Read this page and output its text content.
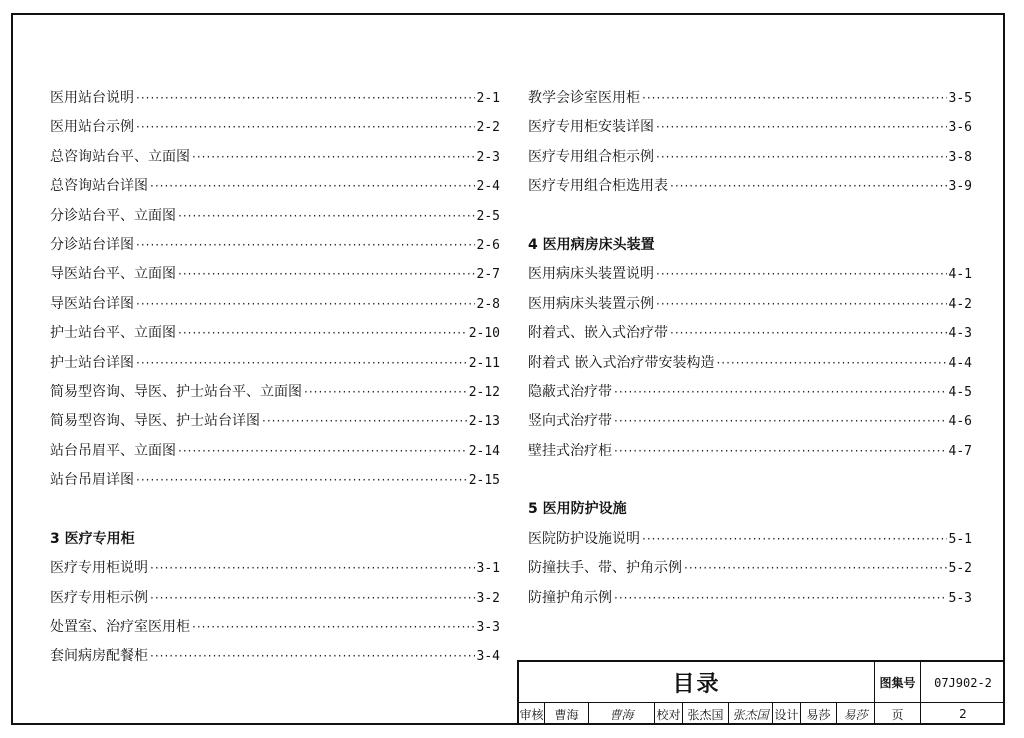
医用站台说明 ·····	2-1
医用站台示例 ·····	2-2
总咨询站台平、立面图 ·····	2-3
总咨询站台详图 ·····	2-4
分诊站台平、立面图 ·····	2-5
分诊站台详图 ·····	2-6
导医站台平、立面图 ·····	2-7
导医站台详图 ·····	2-8
护士站台平、立面图 ·····	2-10
护士站台详图 ·····	2-11
简易型咨询、导医、护士站台平、立面图 ·····	2-12
简易型咨询、导医、护士站台详图 ·····	2-13
站台吊眉平、立面图 ·····	2-14
站台吊眉详图 ·····	2-15
3 医疗专用柜
医疗专用柜说明 ·····	3-1
医疗专用柜示例 ·····	3-2
处置室、治疗室医用柜 ·····	3-3
套间病房配餐柜 ·····	3-4
教学会诊室医用柜 ·····	3-5
医疗专用柜安装详图 ·····	3-6
医疗专用组合柜示例 ·····	3-8
医疗专用组合柜选用表 ·····	3-9
4 医用病房床头装置
医用病床头装置说明 ·····	4-1
医用病床头装置示例 ·····	4-2
附着式、嵌入式治疗带 ·····	4-3
附着式 嵌入式治疗带安装构造 ·····	4-4
隐蔽式治疗带 ·····	4-5
竖向式治疗带 ·····	4-6
壁挂式治疗柜 ·····	4-7
5 医用防护设施
医院防护设施说明 ·····	5-1
防撞扶手、带、护角示例 ·····	5-2
防撞护角示例 ·····	5-3
目录	图集号	07J902-2
审核 曹海	曹海	校对 张杰国 张杰国 设计 易莎	易莎	页	2
